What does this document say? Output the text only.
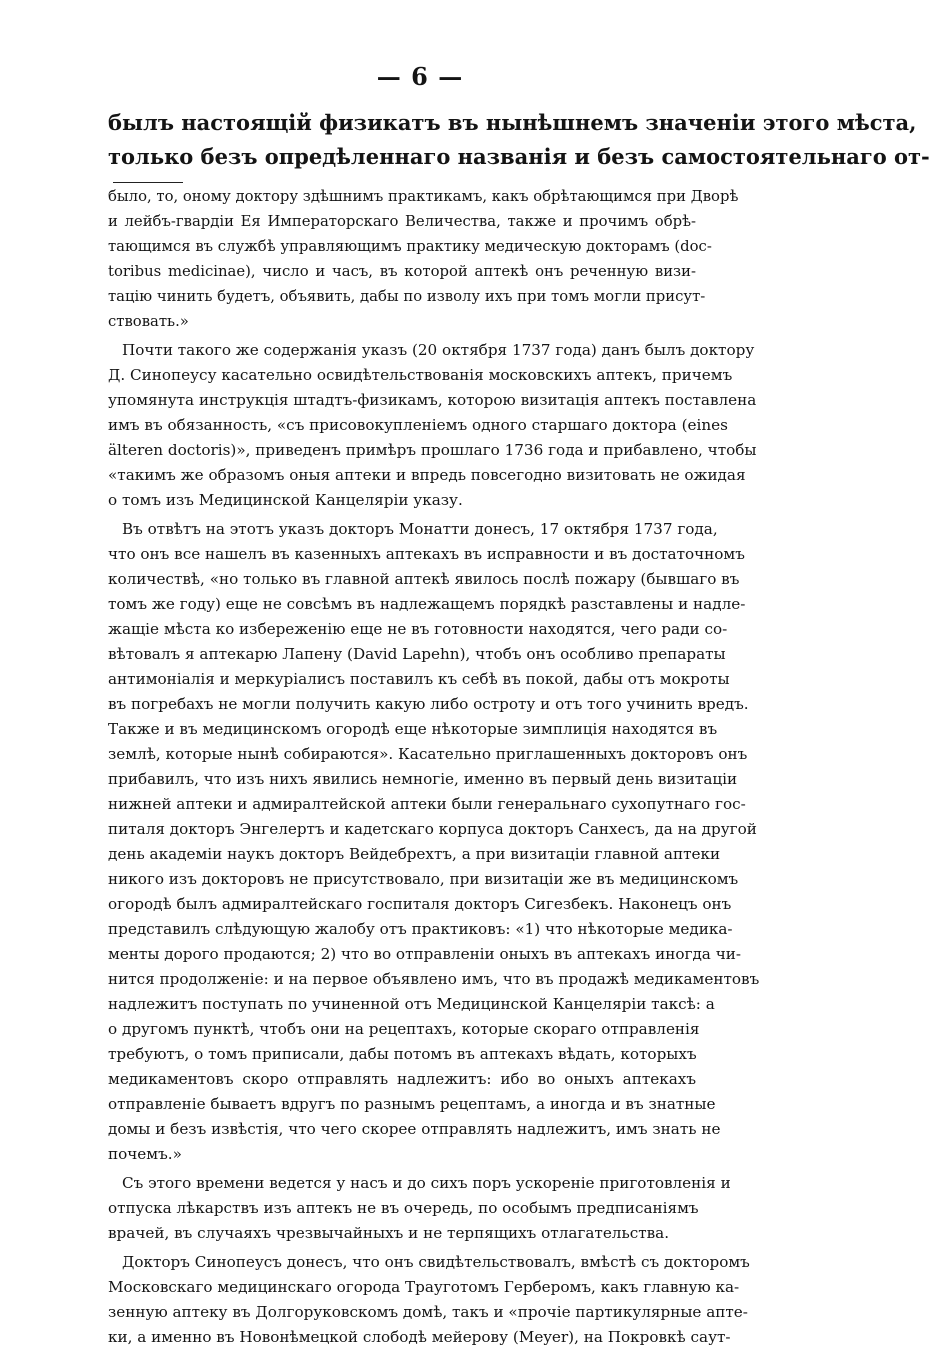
— 6 —
былъ настоящій физикатъ въ нынѣшнемъ значеніи этого мѣста,
только безъ опредѣленнаго названія и безъ самостоятельнаго от-
было, то, оному доктору здѣшнимъ практикамъ, какъ обрѣтающимся при Дворѣ
и лейбъ-гвардіи Ея Императорскаго Величества, также и прочимъ обрѣ-
тающимся въ службѣ управляющимъ практику медическую докторамъ (doc-
toribus medicinae), число и часъ, въ которой аптекѣ онъ реченную визи-
тацію чинить будетъ, объявить, дабы по изволу ихъ при томъ могли присут-
ствовать.»
Почти такого же содержанія указъ (20 октября 1737 года) данъ былъ доктору
Д. Синопеусу касательно освидѣтельствованія московскихъ аптекъ, причемъ
упомянута инструкція штадтъ-физикамъ, которою визитація аптекъ поставлена
имъ въ обязанность, «съ присовокупленіемъ одного старшаго доктора (eines
älteren doctoris)», приведенъ примѣръ прошлаго 1736 года и прибавлено, чтобы
«такимъ же образомъ оныя аптеки и впредь повсегодно визитовать не ожидая
о томъ изъ Медицинской Канцеляріи указу.
Въ отвѣтъ на этотъ указъ докторъ Монатти донесъ, 17 октября 1737 года,
что онъ все нашелъ въ казенныхъ аптекахъ въ исправности и въ достаточномъ
количествѣ, «но только въ главной аптекѣ явилось послѣ пожару (бывшаго въ
томъ же году) еще не совсѣмъ въ надлежащемъ порядкѣ разставлены и надле-
жащіе мѣста ко избереженію еще не въ готовности находятся, чего ради со-
вѣтовалъ я аптекарю Лапену (David Lapehn), чтобъ онъ особливо препараты
антимоніалія и меркуріалисъ поставилъ къ себѣ въ покой, дабы отъ мокроты
въ погребахъ не могли получить какую либо остроту и отъ того учинить вредъ.
Также и въ медицинскомъ огородѣ еще нѣкоторые зимплиція находятся въ
землѣ, которые нынѣ собираются». Касательно приглашенныхъ докторовъ онъ
прибавилъ, что изъ нихъ явились немногіе, именно въ первый день визитаціи
нижней аптеки и адмиралтейской аптеки были генеральнаго сухопутнаго гос-
питаля докторъ Энгелертъ и кадетскаго корпуса докторъ Санхесъ, да на другой
день академіи наукъ докторъ Вейдебрехтъ, а при визитаціи главной аптеки
никого изъ докторовъ не присутствовало, при визитаціи же въ медицинскомъ
огородѣ былъ адмиралтейскаго госпиталя докторъ Сигезбекъ. Наконецъ онъ
представилъ слѣдующую жалобу отъ практиковъ: «1) что нѣкоторые медика-
менты дорого продаются; 2) что во отправленіи оныхъ въ аптекахъ иногда чи-
нится продолженіе: и на первое объявлено имъ, что въ продажѣ медикаментовъ
надлежитъ поступать по учиненной отъ Медицинской Канцеляріи таксѣ: а
о другомъ пунктѣ, чтобъ они на рецептахъ, которые скораго отправленія
требуютъ, о томъ приписали, дабы потомъ въ аптекахъ вѣдать, которыхъ
медикаментовъ скоро отправлять надлежитъ: ибо во оныхъ аптекахъ
отправленіе бываетъ вдругъ по разнымъ рецептамъ, а иногда и въ знатные
домы и безъ извѣстія, что чего скорее отправлять надлежитъ, имъ знать не
почемъ.»
Съ этого времени ведется у насъ и до сихъ поръ ускореніе приготовленія и
отпуска лѣкарствъ изъ аптекъ не въ очередь, по особымъ предписаніямъ
врачей, въ случаяхъ чрезвычайныхъ и не терпящихъ отлагательства.
Докторъ Синопеусъ донесъ, что онъ свидѣтельствовалъ, вмѣстѣ съ докторомъ
Московскаго медицинскаго огорода Трауготомъ Герберомъ, какъ главную ка-
зенную аптеку въ Долгоруковскомъ домѣ, такъ и «прочіе партикулярные апте-
ки, а именно въ Новонѣмецкой слободѣ мейерову (Meyer), на Покровкѣ саут-
